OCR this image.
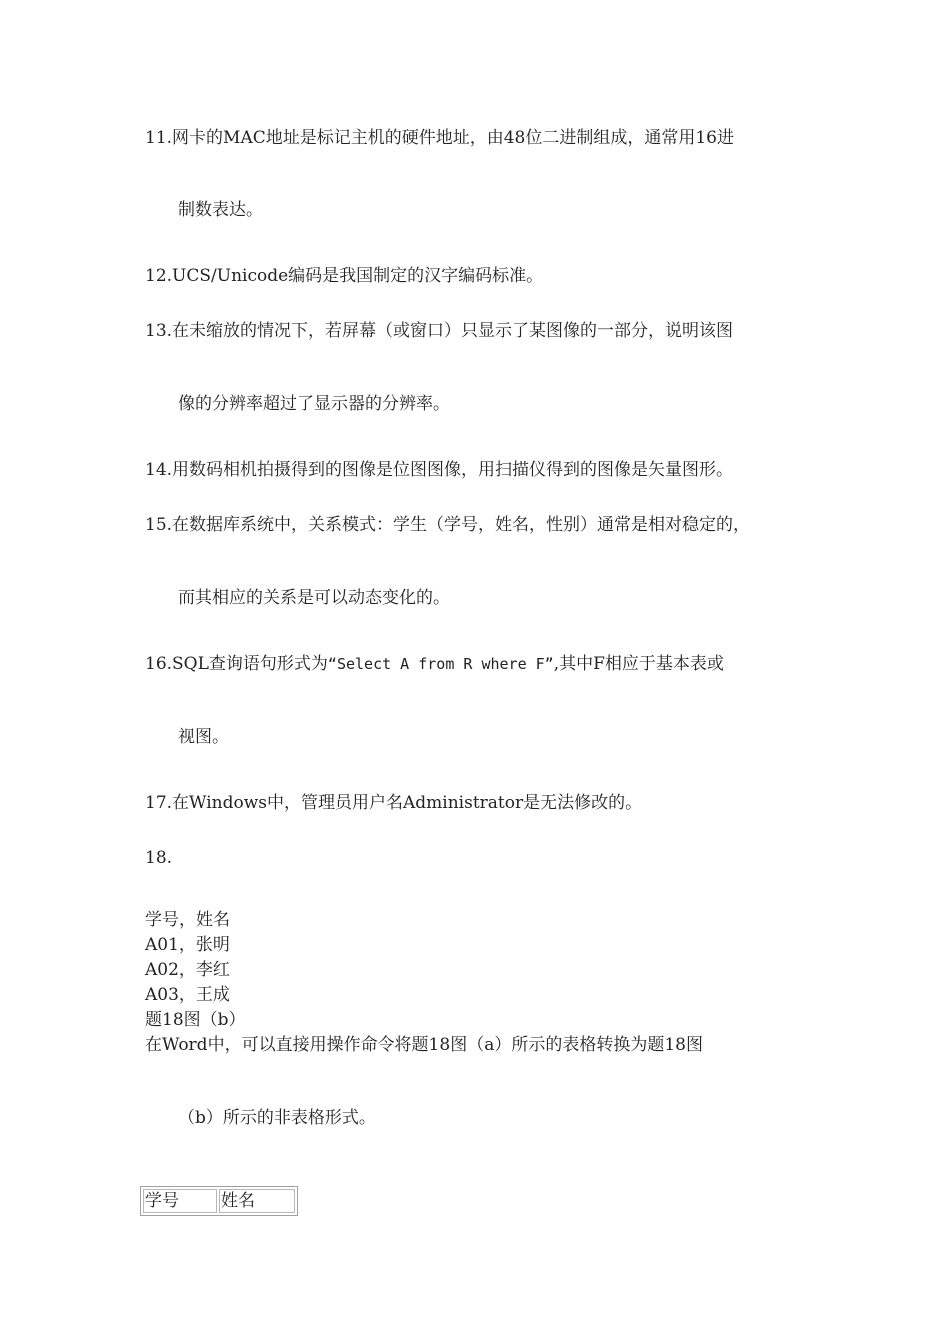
11.网卡的MAC地址是标记主机的硬件地址，由48位二进制组成，通常用16进
制数表达。
12.UCS/Unicode编码是我国制定的汉字编码标准。
13.在未缩放的情况下，若屏幕（或窗口）只显示了某图像的一部分，说明该图
像的分辨率超过了显示器的分辨率。
14.用数码相机拍摄得到的图像是位图图像，用扫描仪得到的图像是矢量图形。
15.在数据库系统中，关系模式：学生（学号，姓名，性别）通常是相对稳定的，
而其相应的关系是可以动态变化的。
16.SQL查询语句形式为“Select A from R where F”,其中F相应于基本表或
视图。
17.在Windows中，管理员用户名Administrator是无法修改的。
18.
学号，姓名
A01，张明
A02，李红
A03，王成
题18图（b）
在Word中，可以直接用操作命令将题18图（a）所示的表格转换为题18图
（b）所示的非表格形式。
学号	姓名
